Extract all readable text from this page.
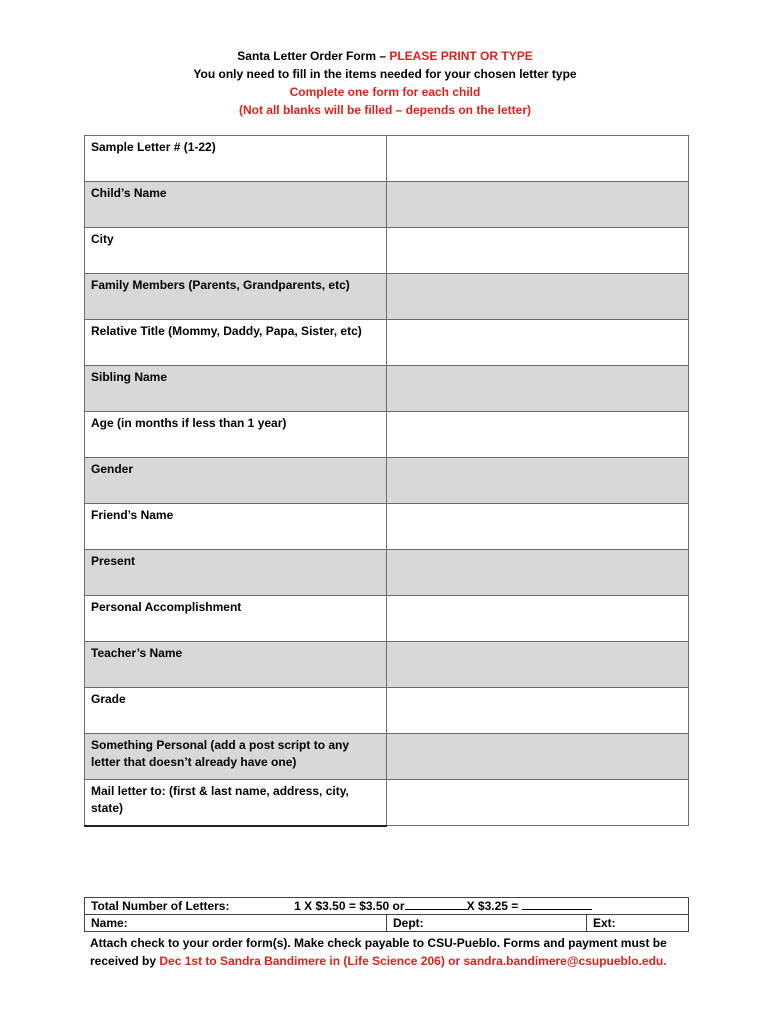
Santa Letter Order Form – PLEASE PRINT OR TYPE
You only need to fill in the items needed for your chosen letter type
Complete one form for each child
(Not all blanks will be filled – depends on the letter)
Sample Letter # (1-22)	
Child’s Name	
City	
Family Members (Parents, Grandparents, etc)	
Relative Title (Mommy, Daddy, Papa, Sister, etc)	
Sibling Name	
Age (in months if less than 1 year)	
Gender	
Friend’s Name	
Present	
Personal Accomplishment	
Teacher’s Name	
Grade	
Something Personal (add a post script to any letter that doesn’t already have one)	
Mail letter to: (first & last name, address, city, state)	
Total Number of Letters:	1 X $3.50 = $3.50 or	X $3.25 =
Name:	Dept:	Ext:
Attach check to your order form(s). Make check payable to CSU-Pueblo. Forms and payment must be received by Dec 1st to Sandra Bandimere in (Life Science 206) or sandra.bandimere@csupueblo.edu.
